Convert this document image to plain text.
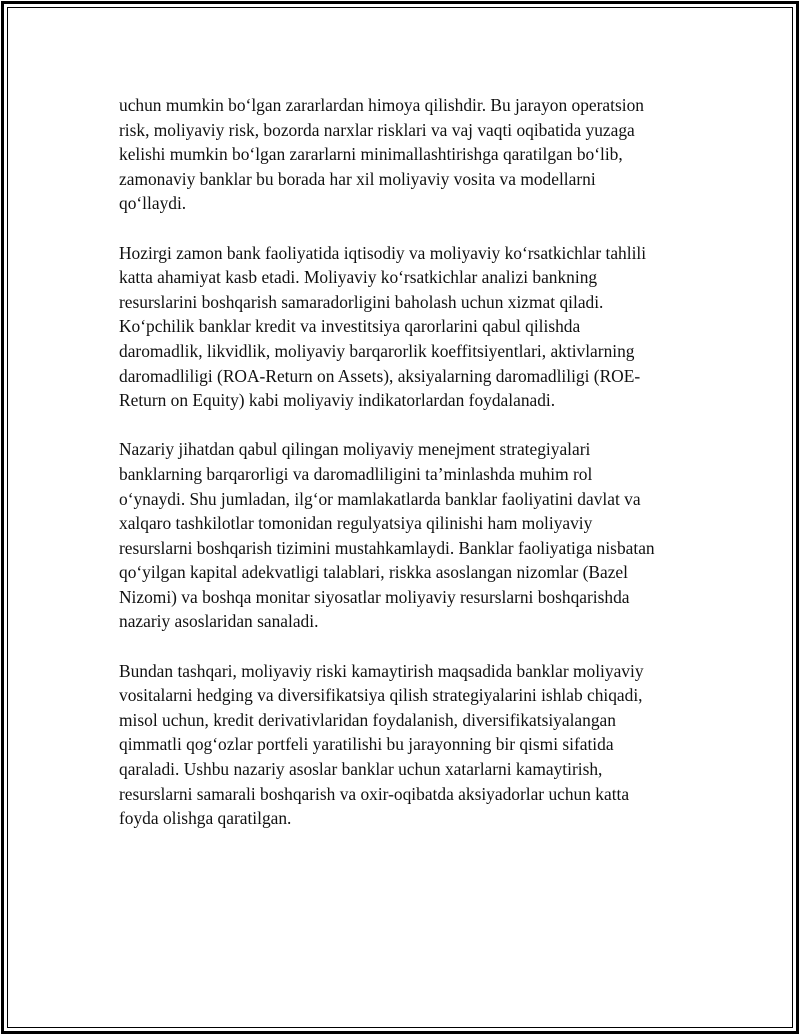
uchun mumkin boʻlgan zararlardan himoya qilishdir. Bu jarayon operatsion
risk, moliyaviy risk, bozorda narxlar risklari va vaj vaqti oqibatida yuzaga
kelishi mumkin boʻlgan zararlarni minimallashtirishga qaratilgan boʻlib,
zamonaviy banklar bu borada har xil moliyaviy vosita va modellarni
qoʻllaydi.

Hozirgi zamon bank faoliyatida iqtisodiy va moliyaviy koʻrsatkichlar tahlili
katta ahamiyat kasb etadi. Moliyaviy koʻrsatkichlar analizi bankning
resurslarini boshqarish samaradorligini baholash uchun xizmat qiladi.
Koʻpchilik banklar kredit va investitsiya qarorlarini qabul qilishda
daromadlik, likvidlik, moliyaviy barqarorlik koeffitsiyentlari, aktivlarning
daromadliligi (ROA-Return on Assets), aksiyalarning daromadliligi (ROE-
Return on Equity) kabi moliyaviy indikatorlardan foydalanadi.

Nazariy jihatdan qabul qilingan moliyaviy menejment strategiyalari
banklarning barqarorligi va daromadliligini taʼminlashda muhim rol
oʻynaydi. Shu jumladan, ilgʻor mamlakatlarda banklar faoliyatini davlat va
xalqaro tashkilotlar tomonidan regulyatsiya qilinishi ham moliyaviy
resurslarni boshqarish tizimini mustahkamlaydi. Banklar faoliyatiga nisbatan
qoʻyilgan kapital adekvatligi talablari, riskka asoslangan nizomlar (Bazel
Nizomi) va boshqa monitar siyosatlar moliyaviy resurslarni boshqarishda
nazariy asoslaridan sanaladi.

Bundan tashqari, moliyaviy riski kamaytirish maqsadida banklar moliyaviy
vositalarni hedging va diversifikatsiya qilish strategiyalarini ishlab chiqadi,
misol uchun, kredit derivativlaridan foydalanish, diversifikatsiyalangan
qimmatli qogʻozlar portfeli yaratilishi bu jarayonning bir qismi sifatida
qaraladi. Ushbu nazariy asoslar banklar uchun xatarlarni kamaytirish,
resurslarni samarali boshqarish va oxir-oqibatda aksiyadorlar uchun katta
foyda olishga qaratilgan.
